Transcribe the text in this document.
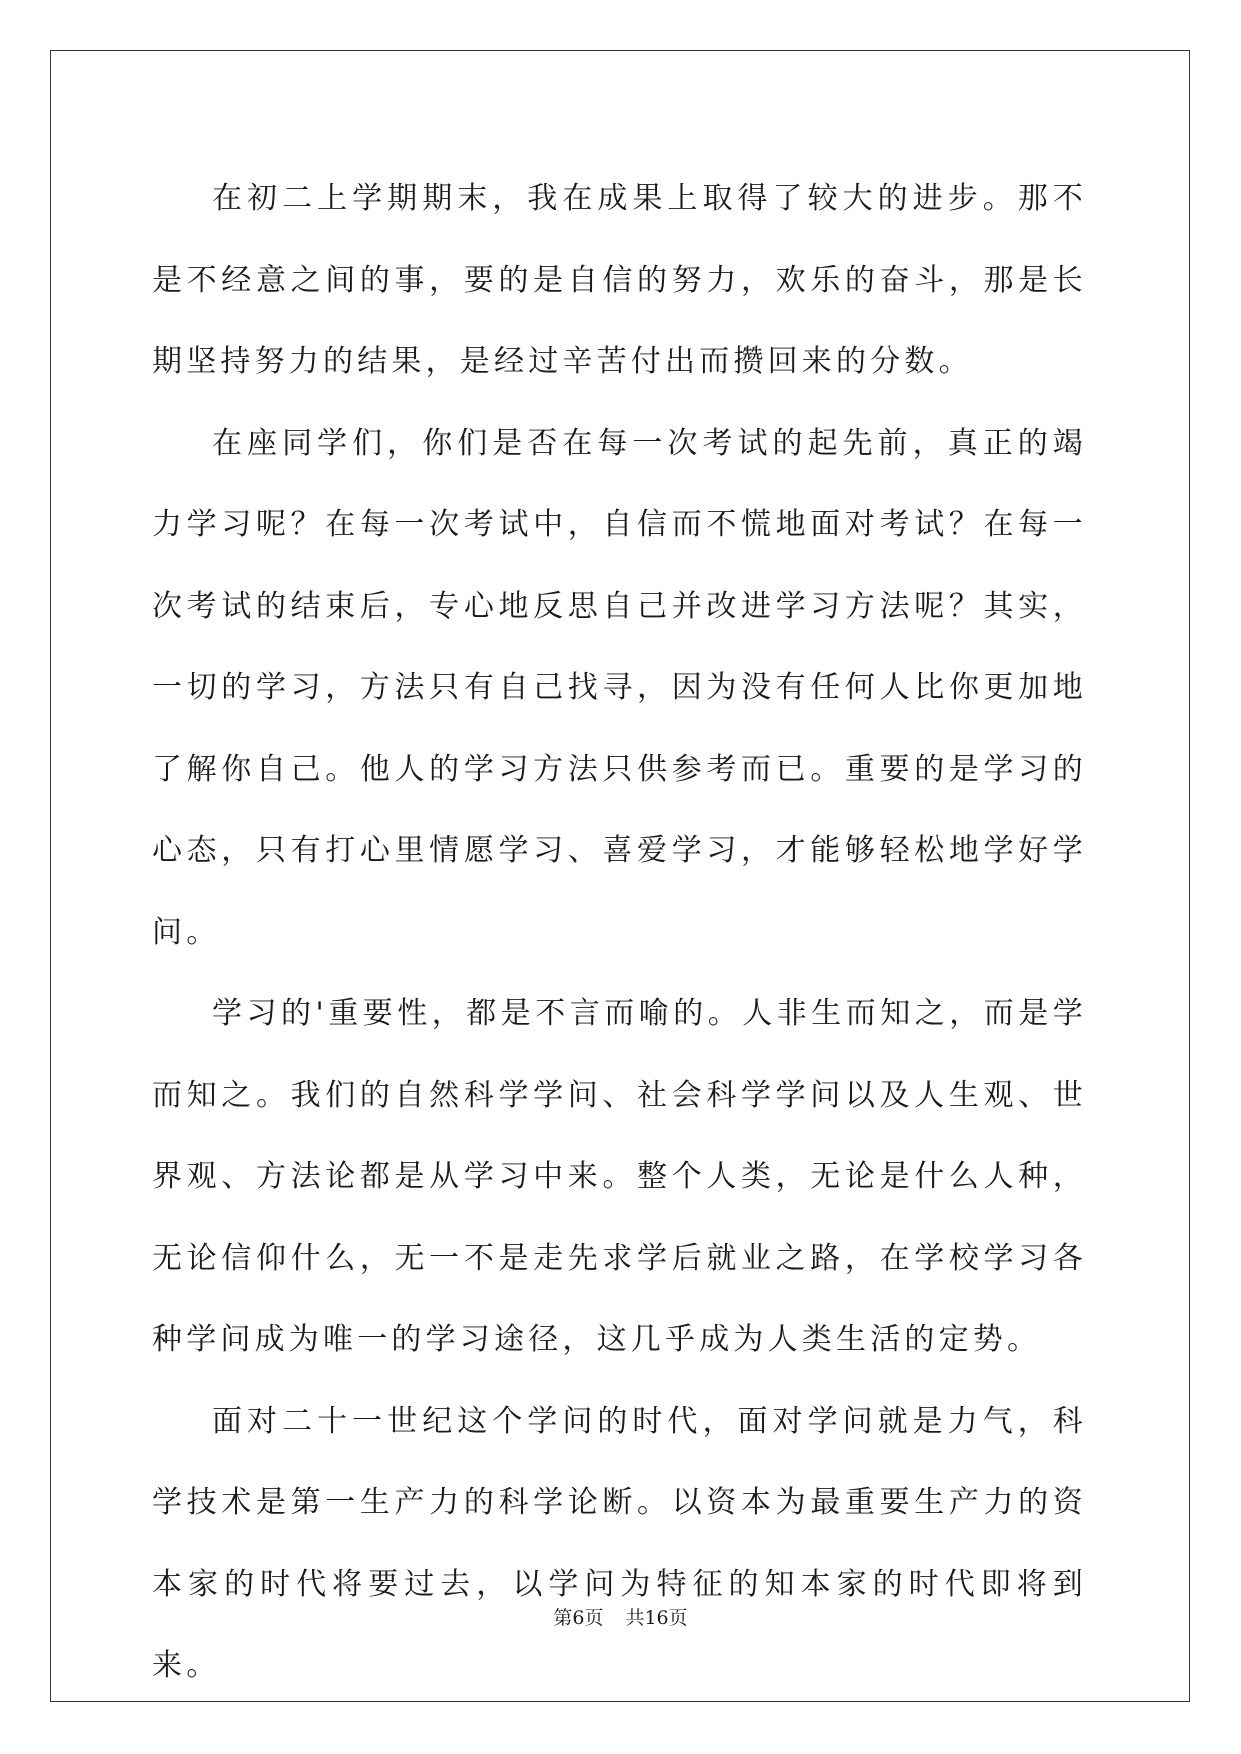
在初二上学期期末，我在成果上取得了较大的进步。那不是不经意之间的事，要的是自信的努力，欢乐的奋斗，那是长期坚持努力的结果，是经过辛苦付出而攒回来的分数。

在座同学们，你们是否在每一次考试的起先前，真正的竭力学习呢？在每一次考试中，自信而不慌地面对考试？在每一次考试的结束后，专心地反思自己并改进学习方法呢？其实，一切的学习，方法只有自己找寻，因为没有任何人比你更加地了解你自己。他人的学习方法只供参考而已。重要的是学习的心态，只有打心里情愿学习、喜爱学习，才能够轻松地学好学问。

学习的'重要性，都是不言而喻的。人非生而知之，而是学而知之。我们的自然科学学问、社会科学学问以及人生观、世界观、方法论都是从学习中来。整个人类，无论是什么人种，无论信仰什么，无一不是走先求学后就业之路，在学校学习各种学问成为唯一的学习途径，这几乎成为人类生活的定势。

面对二十一世纪这个学问的时代，面对学问就是力气，科学技术是第一生产力的科学论断。以资本为最重要生产力的资本家的时代将要过去，以学问为特征的知本家的时代即将到来。

第6页 共16页
